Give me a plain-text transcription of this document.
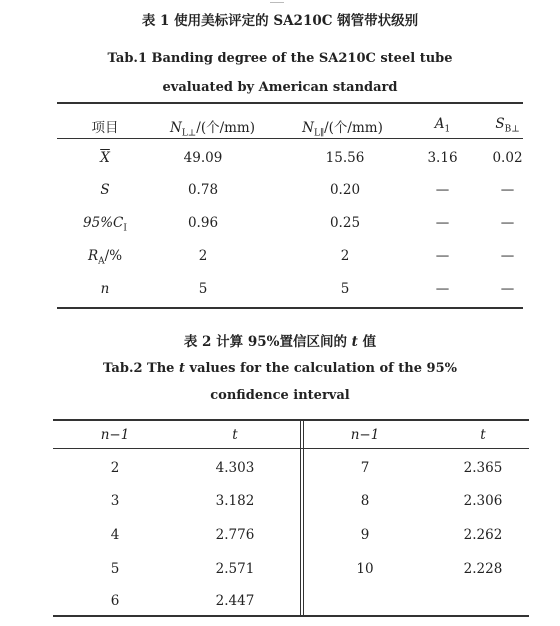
表 1 使用美标评定的 SA210C 钢管带状级别
Tab.1 Banding degree of the SA210C steel tube
evaluated by American standard
项目	$N_{L\perp}/$(个/mm)	$N_{L\parallel}/$(个/mm)	$A_1$	$S_{B\perp}$
$\overline{X}$	49.09	15.56	3.16	0.02
S	0.78	0.20	—	—
$95\%C_I$	0.96	0.25	—	—
$R_A/\%$	2	2	—	—
n	5	5	—	—
表 2 计算 95%置信区间的 t 值
Tab.2 The t values for the calculation of the 95%
confidence interval
n−1	t	n−1	t
2	4.303	7	2.365
3	3.182	8	2.306
4	2.776	9	2.262
5	2.571	10	2.228
6	2.447
